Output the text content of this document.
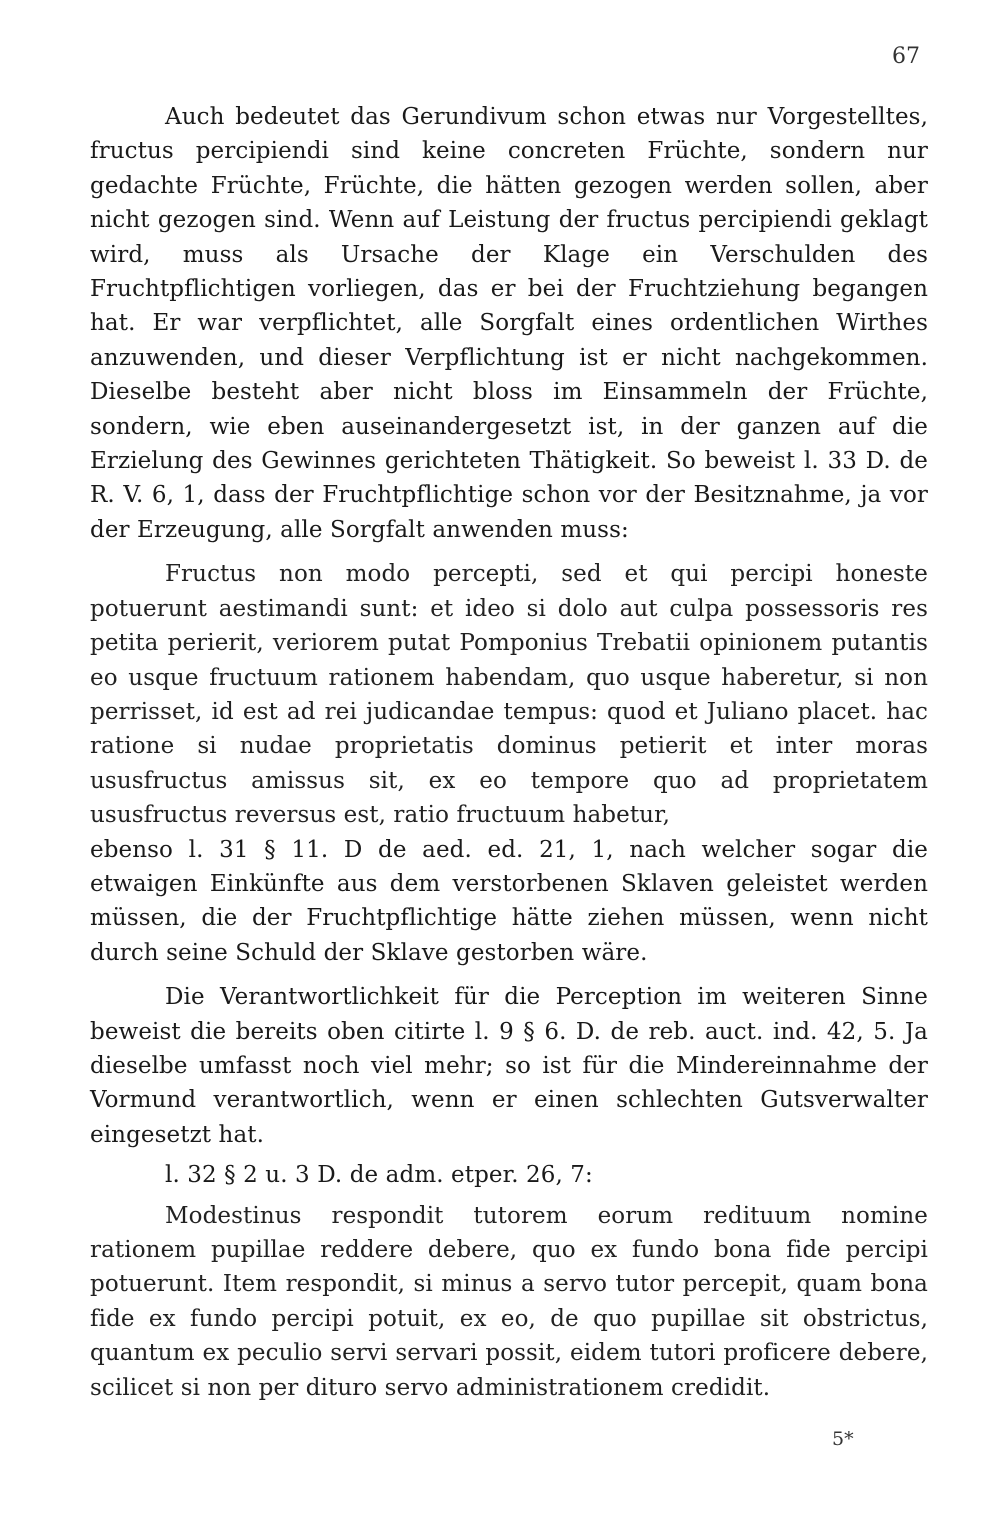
67

Auch bedeutet das Gerundivum schon etwas nur Vorgestelltes, fructus percipiendi sind keine concreten Früchte, sondern nur gedachte Früchte, Früchte, die hätten gezogen werden sollen, aber nicht gezogen sind. Wenn auf Leistung der fructus percipiendi geklagt wird, muss als Ursache der Klage ein Verschulden des Fruchtpflichtigen vorliegen, das er bei der Fruchtziehung begangen hat. Er war verpflichtet, alle Sorgfalt eines ordentlichen Wirthes anzuwenden, und dieser Verpflichtung ist er nicht nachgekommen. Dieselbe besteht aber nicht bloss im Einsammeln der Früchte, sondern, wie eben auseinandergesetzt ist, in der ganzen auf die Erzielung des Gewinnes gerichteten Thätigkeit. So beweist l. 33 D. de R. V. 6, 1, dass der Fruchtpflichtige schon vor der Besitznahme, ja vor der Erzeugung, alle Sorgfalt anwenden muss:

Fructus non modo percepti, sed et qui percipi honeste potuerunt aestimandi sunt: et ideo si dolo aut culpa possessoris res petita perierit, veriorem putat Pomponius Trebatii opinionem putantis eo usque fructuum rationem habendam, quo usque haberetur, si non perrisset, id est ad rei judicandae tempus: quod et Juliano placet. hac ratione si nudae proprietatis dominus petierit et inter moras ususfructus amissus sit, ex eo tempore quo ad proprietatem ususfructus reversus est, ratio fructuum habetur,

ebenso l. 31 § 11. D de aed. ed. 21, 1, nach welcher sogar die etwaigen Einkünfte aus dem verstorbenen Sklaven geleistet werden müssen, die der Fruchtpflichtige hätte ziehen müssen, wenn nicht durch seine Schuld der Sklave gestorben wäre.

Die Verantwortlichkeit für die Perception im weiteren Sinne beweist die bereits oben citirte l. 9 § 6. D. de reb. auct. ind. 42, 5. Ja dieselbe umfasst noch viel mehr; so ist für die Mindereinnahme der Vormund verantwortlich, wenn er einen schlechten Gutsverwalter eingesetzt hat.

l. 32 § 2 u. 3 D. de adm. etper. 26, 7:

Modestinus respondit tutorem eorum redituum nomine rationem pupillae reddere debere, quo ex fundo bona fide percipi potuerunt. Item respondit, si minus a servo tutor percepit, quam bona fide ex fundo percipi potuit, ex eo, de quo pupillae sit obstrictus, quantum ex peculio servi servari possit, eidem tutori proficere debere, scilicet si non per dituro servo administrationem credidit.

5*
